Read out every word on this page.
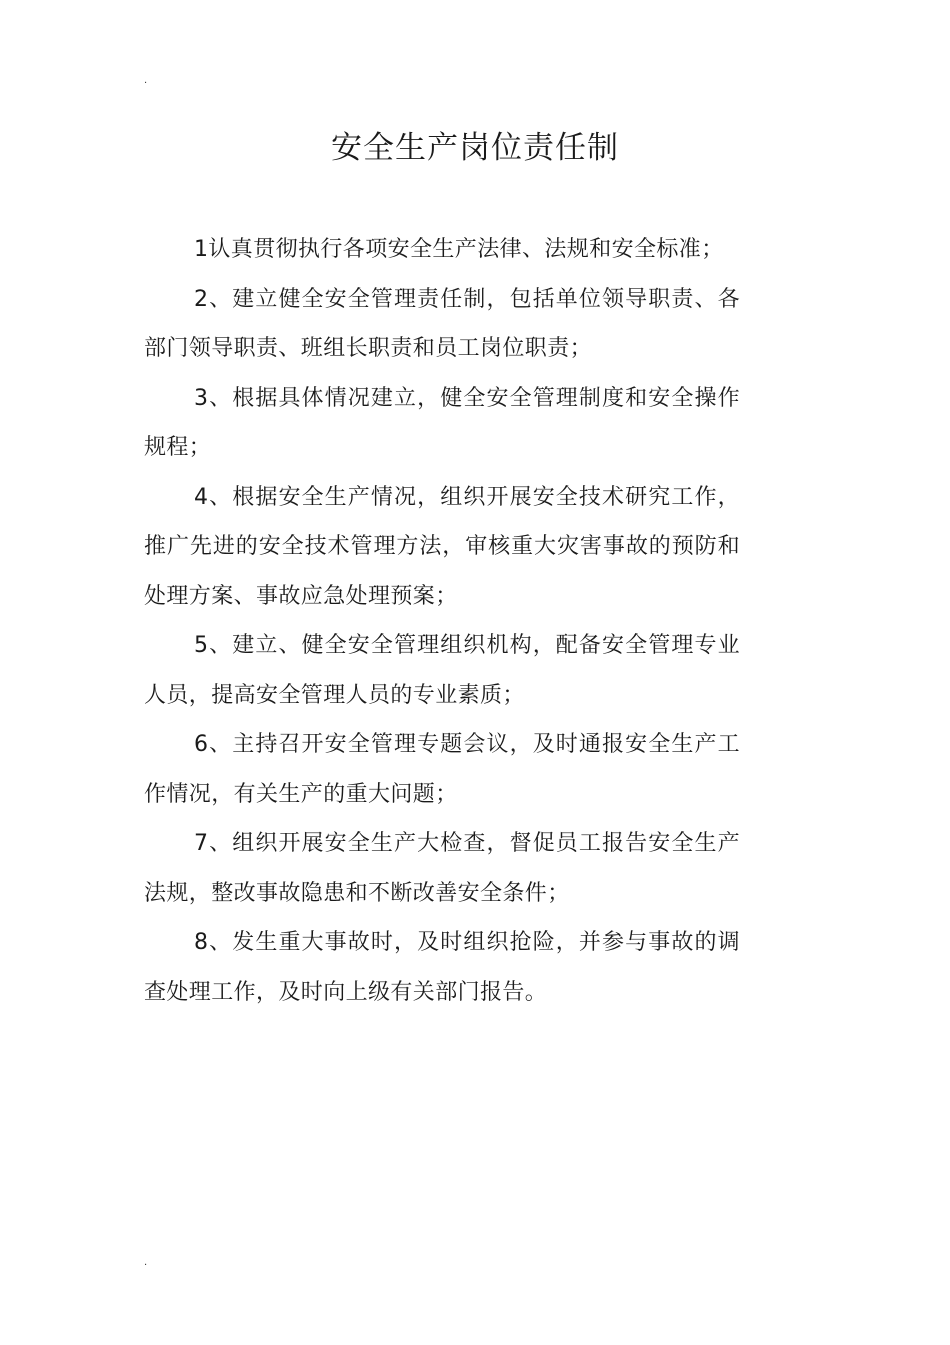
.
安全生产岗位责任制

1认真贯彻执行各项安全生产法律、法规和安全标准；

2、建立健全安全管理责任制，包括单位领导职责、各部门领导职责、班组长职责和员工岗位职责；

3、根据具体情况建立，健全安全管理制度和安全操作规程；

4、根据安全生产情况，组织开展安全技术研究工作，推广先进的安全技术管理方法，审核重大灾害事故的预防和处理方案、事故应急处理预案；

5、建立、健全安全管理组织机构，配备安全管理专业人员，提高安全管理人员的专业素质；

6、主持召开安全管理专题会议，及时通报安全生产工作情况，有关生产的重大问题；

7、组织开展安全生产大检查，督促员工报告安全生产法规，整改事故隐患和不断改善安全条件；

8、发生重大事故时，及时组织抢险，并参与事故的调查处理工作，及时向上级有关部门报告。

.
